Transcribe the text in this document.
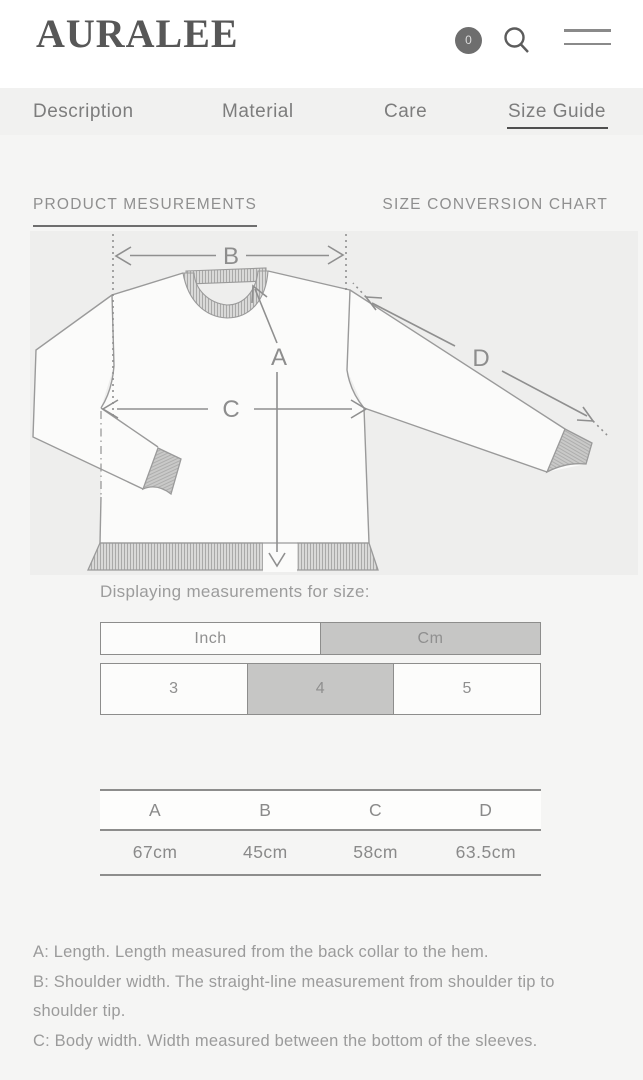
AURALEE	0
Description	Material	Care	Size Guide
PRODUCT MESUREMENTS	SIZE CONVERSION CHART
B
A
C
D
Displaying measurements for size:
Inch	Cm
3	4	5
A	B	C	D
67cm	45cm	58cm	63.5cm

A: Length. Length measured from the back collar to the hem.

B: Shoulder width. The straight-line measurement from shoulder tip to shoulder tip.

C: Body width. Width measured between the bottom of the sleeves.
